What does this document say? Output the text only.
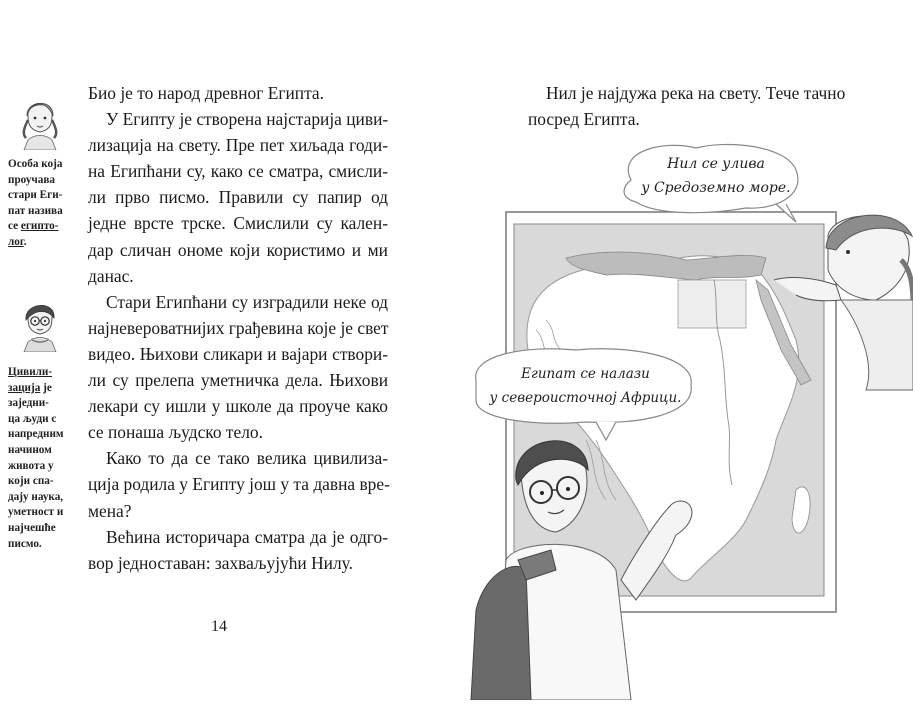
Особа која
проучава
стари Еги-
пат назива
се египто-
лог.
Цивили-
зација је
заједни-
ца људи с
напредним
начином
живота у
који спа-
дају наука,
уметност и
најчешће
писмо.
Био је то народ древног Египта.
У Египту је створена најстарија циви-
лизација на свету. Пре пет хиљада годи-
на Египћани су, како се сматра, смисли-
ли прво писмо. Правили су папир од
једне врсте трске. Смислили су кален-
дар сличан ономе који користимо и ми
данас.
Стари Египћани су изградили неке од
најневероватнијих грађевина које је свет
видео. Њихови сликари и вајари створи-
ли су прелепа уметничка дела. Њихови
лекари су ишли у школе да проуче како
се понаша људско тело.
Како то да се тако велика цивилиза-
ција родила у Египту још у та давна вре-
мена?
Већина историчара сматра да је одго-
вор једноставан: захваљујући Нилу.
14
Нил је најдужа река на свету. Тече тачно
посред Египта.
Нил се улива
у Средоземно море.
Египат се налази
у североисточној Африци.
